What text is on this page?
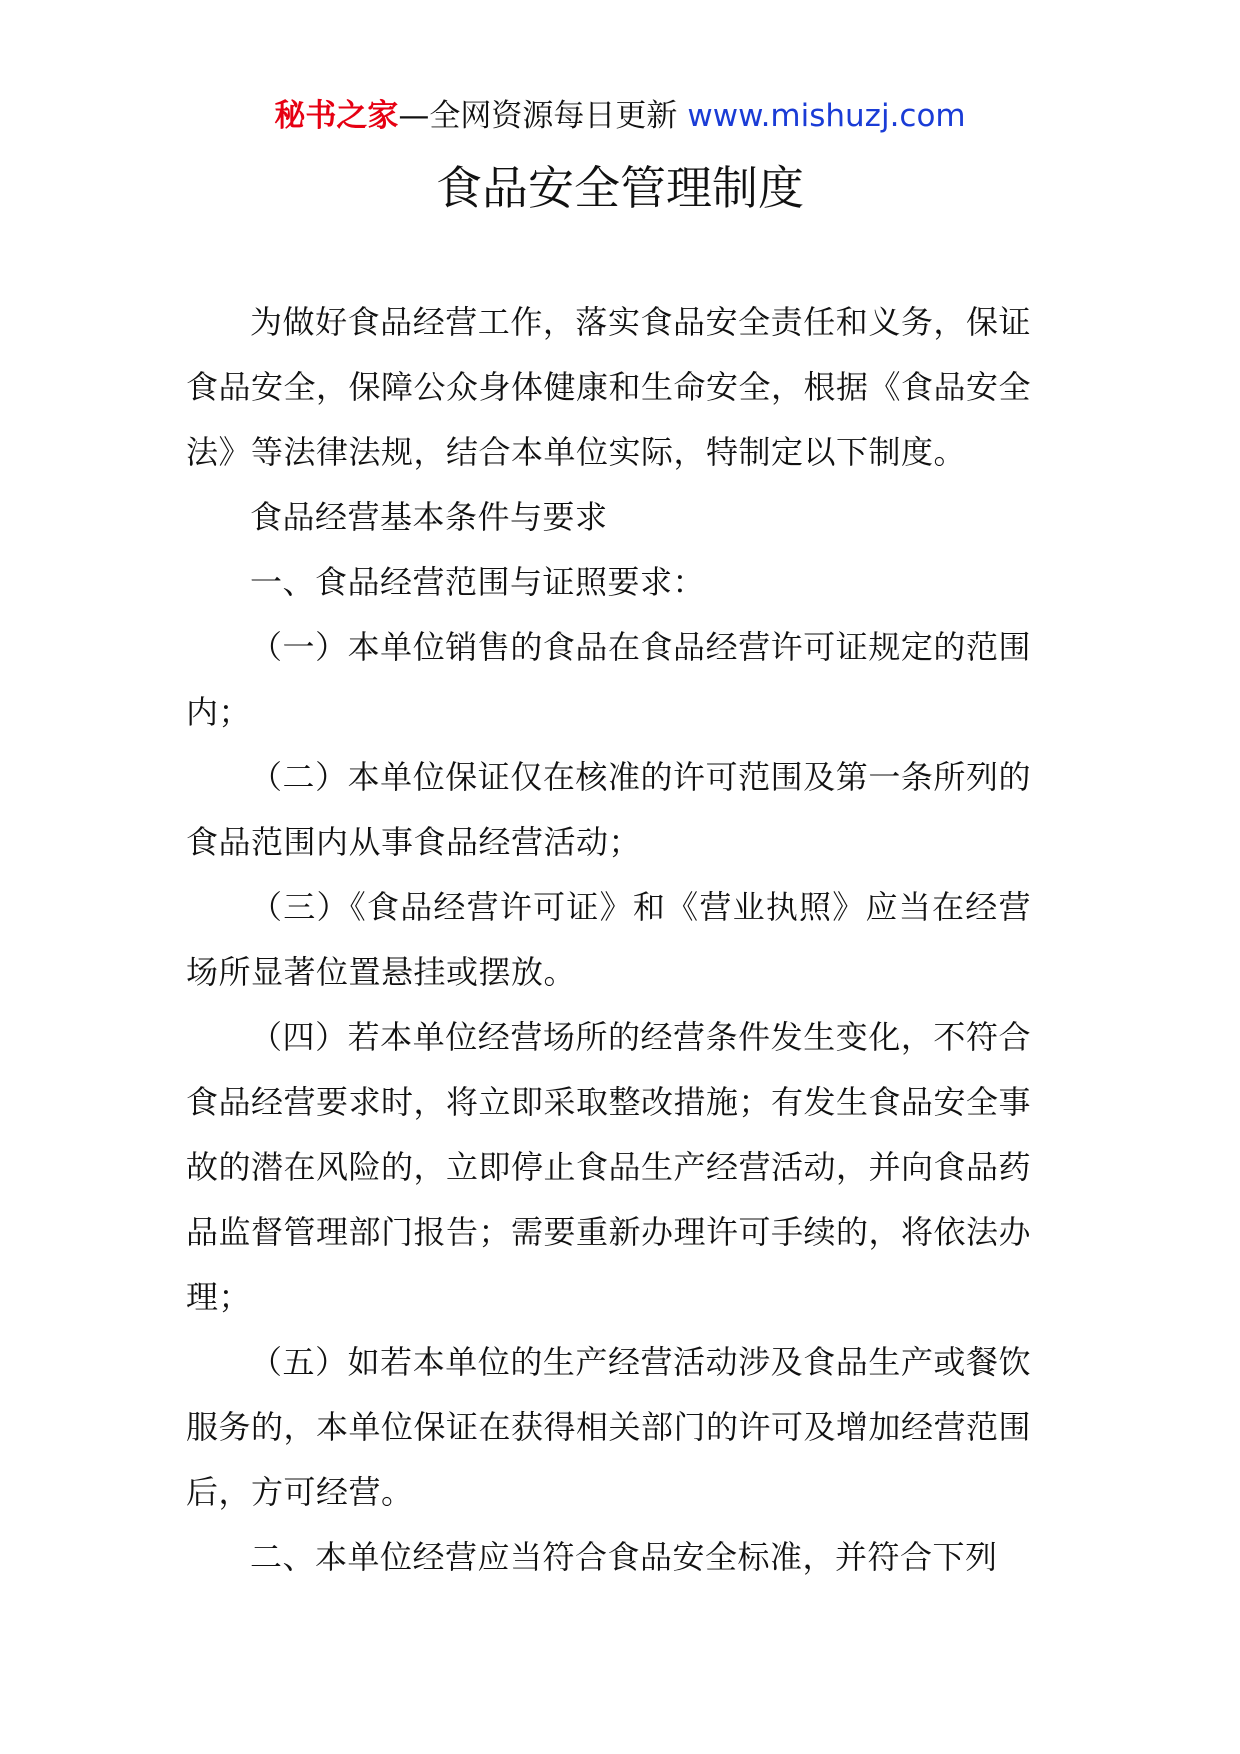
秘书之家—全网资源每日更新 www.mishuzj.com
食品安全管理制度

为做好食品经营工作，落实食品安全责任和义务，保证食品安全，保障公众身体健康和生命安全，根据《食品安全法》等法律法规，结合本单位实际，特制定以下制度。

食品经营基本条件与要求

一、食品经营范围与证照要求：

（一）本单位销售的食品在食品经营许可证规定的范围内；

（二）本单位保证仅在核准的许可范围及第一条所列的食品范围内从事食品经营活动；

（三）《食品经营许可证》和《营业执照》应当在经营场所显著位置悬挂或摆放。

（四）若本单位经营场所的经营条件发生变化，不符合食品经营要求时，将立即采取整改措施；有发生食品安全事故的潜在风险的，立即停止食品生产经营活动，并向食品药品监督管理部门报告；需要重新办理许可手续的，将依法办理；

（五）如若本单位的生产经营活动涉及食品生产或餐饮服务的，本单位保证在获得相关部门的许可及增加经营范围后，方可经营。

二、本单位经营应当符合食品安全标准，并符合下列
